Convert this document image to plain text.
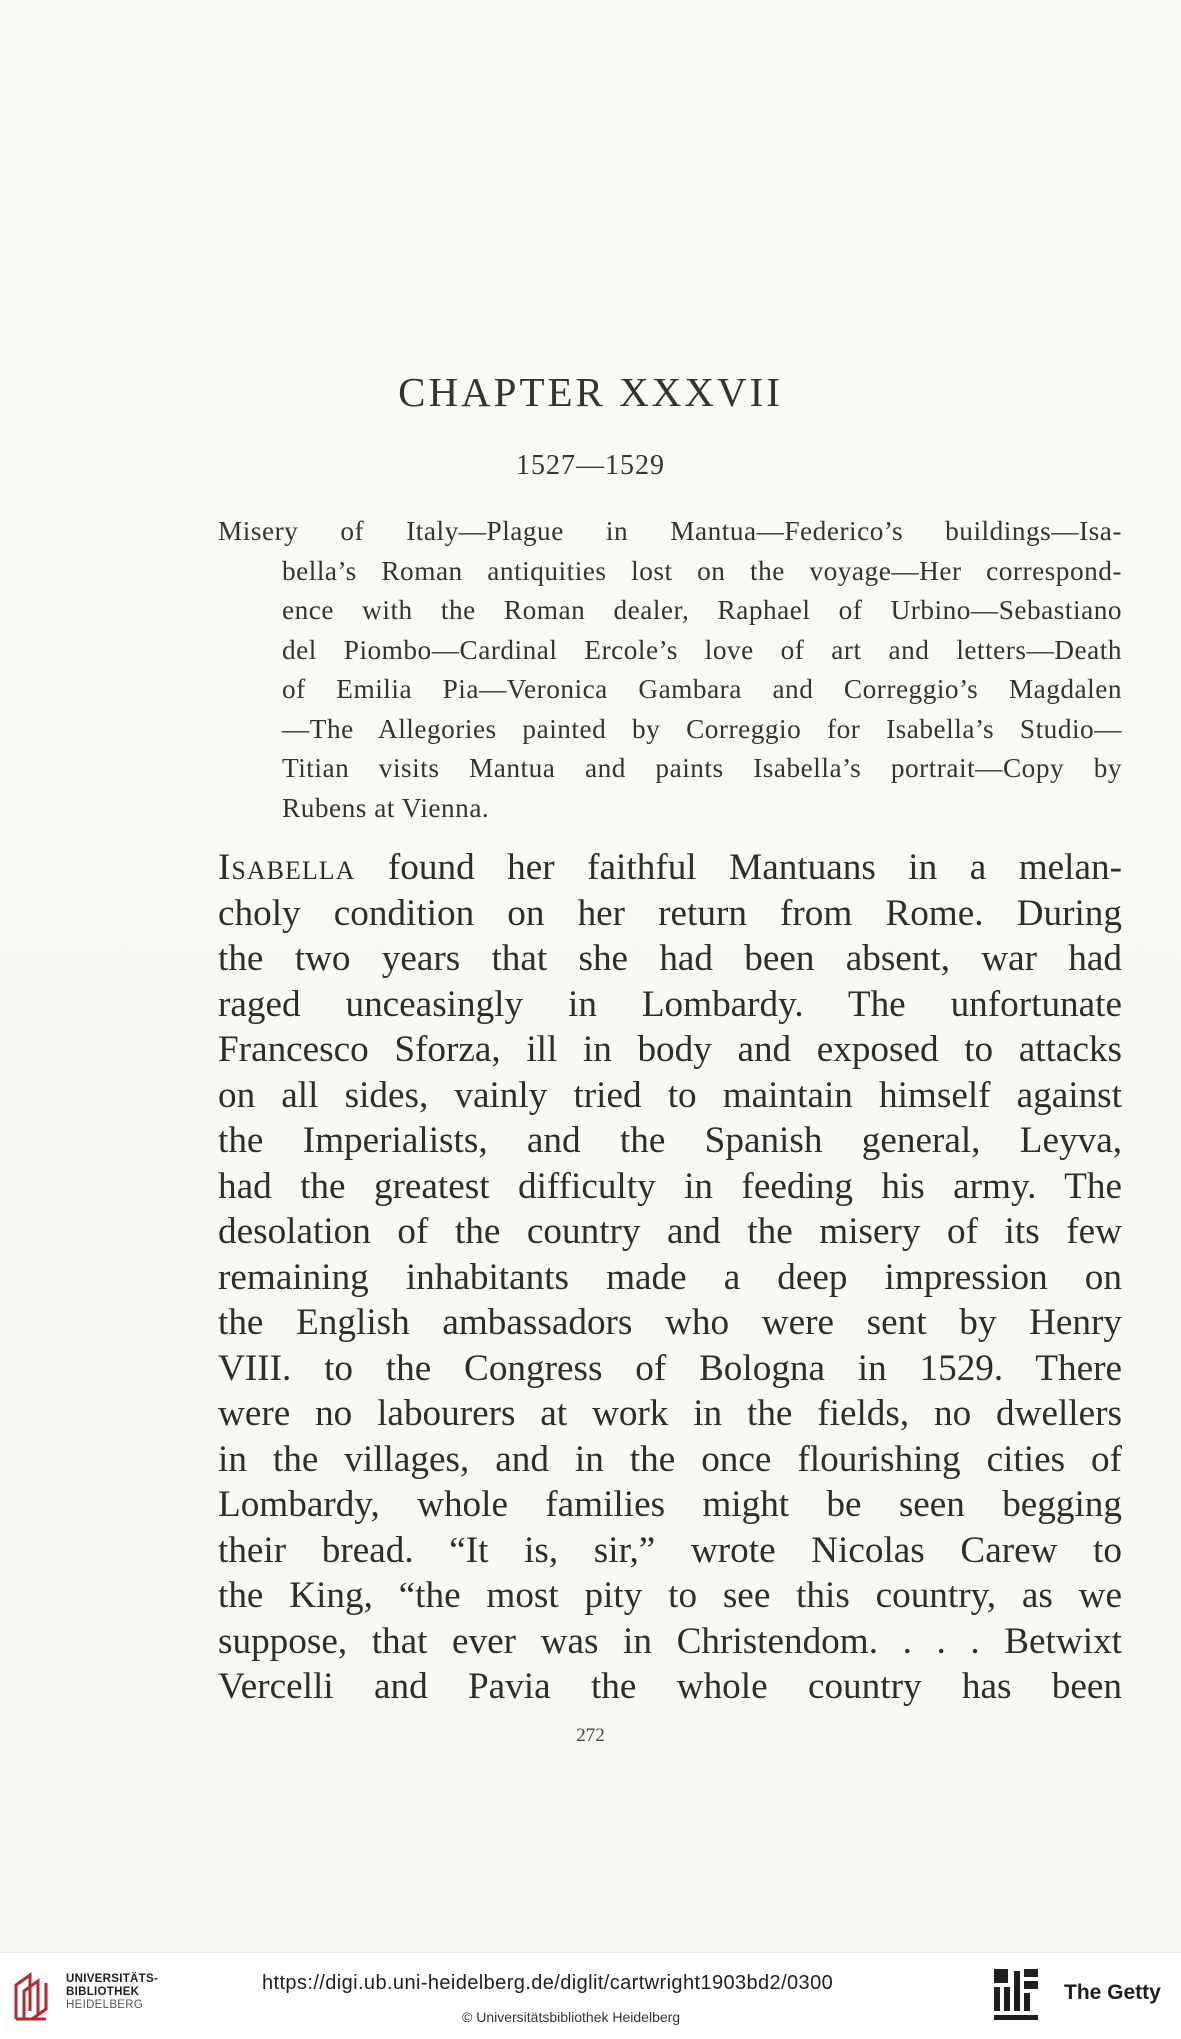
CHAPTER XXXVII
1527—1529
Misery of Italy—Plague in Mantua—Federico’s buildings—Isa-
bella’s Roman antiquities lost on the voyage—Her correspond-
ence with the Roman dealer, Raphael of Urbino—Sebastiano
del Piombo—Cardinal Ercole’s love of art and letters—Death
of Emilia Pia—Veronica Gambara and Correggio’s Magdalen
—The Allegories painted by Correggio for Isabella’s Studio—
Titian visits Mantua and paints Isabella’s portrait—Copy by
Rubens at Vienna.
Isabella found her faithful Mantuans in a melan-
choly condition on her return from Rome. During
the two years that she had been absent, war had
raged unceasingly in Lombardy. The unfortunate
Francesco Sforza, ill in body and exposed to attacks
on all sides, vainly tried to maintain himself against
the Imperialists, and the Spanish general, Leyva,
had the greatest difficulty in feeding his army. The
desolation of the country and the misery of its few
remaining inhabitants made a deep impression on
the English ambassadors who were sent by Henry
VIII. to the Congress of Bologna in 1529. There
were no labourers at work in the fields, no dwellers
in the villages, and in the once flourishing cities of
Lombardy, whole families might be seen begging
their bread. “It is, sir,” wrote Nicolas Carew to
the King, “the most pity to see this country, as we
suppose, that ever was in Christendom. . . . Betwixt
Vercelli and Pavia the whole country has been
272
UNIVERSITÄTS-
BIBLIOTHEK
HEIDELBERG
https://digi.ub.uni-heidelberg.de/diglit/cartwright1903bd2/0300
© Universitätsbibliothek Heidelberg
The Getty
